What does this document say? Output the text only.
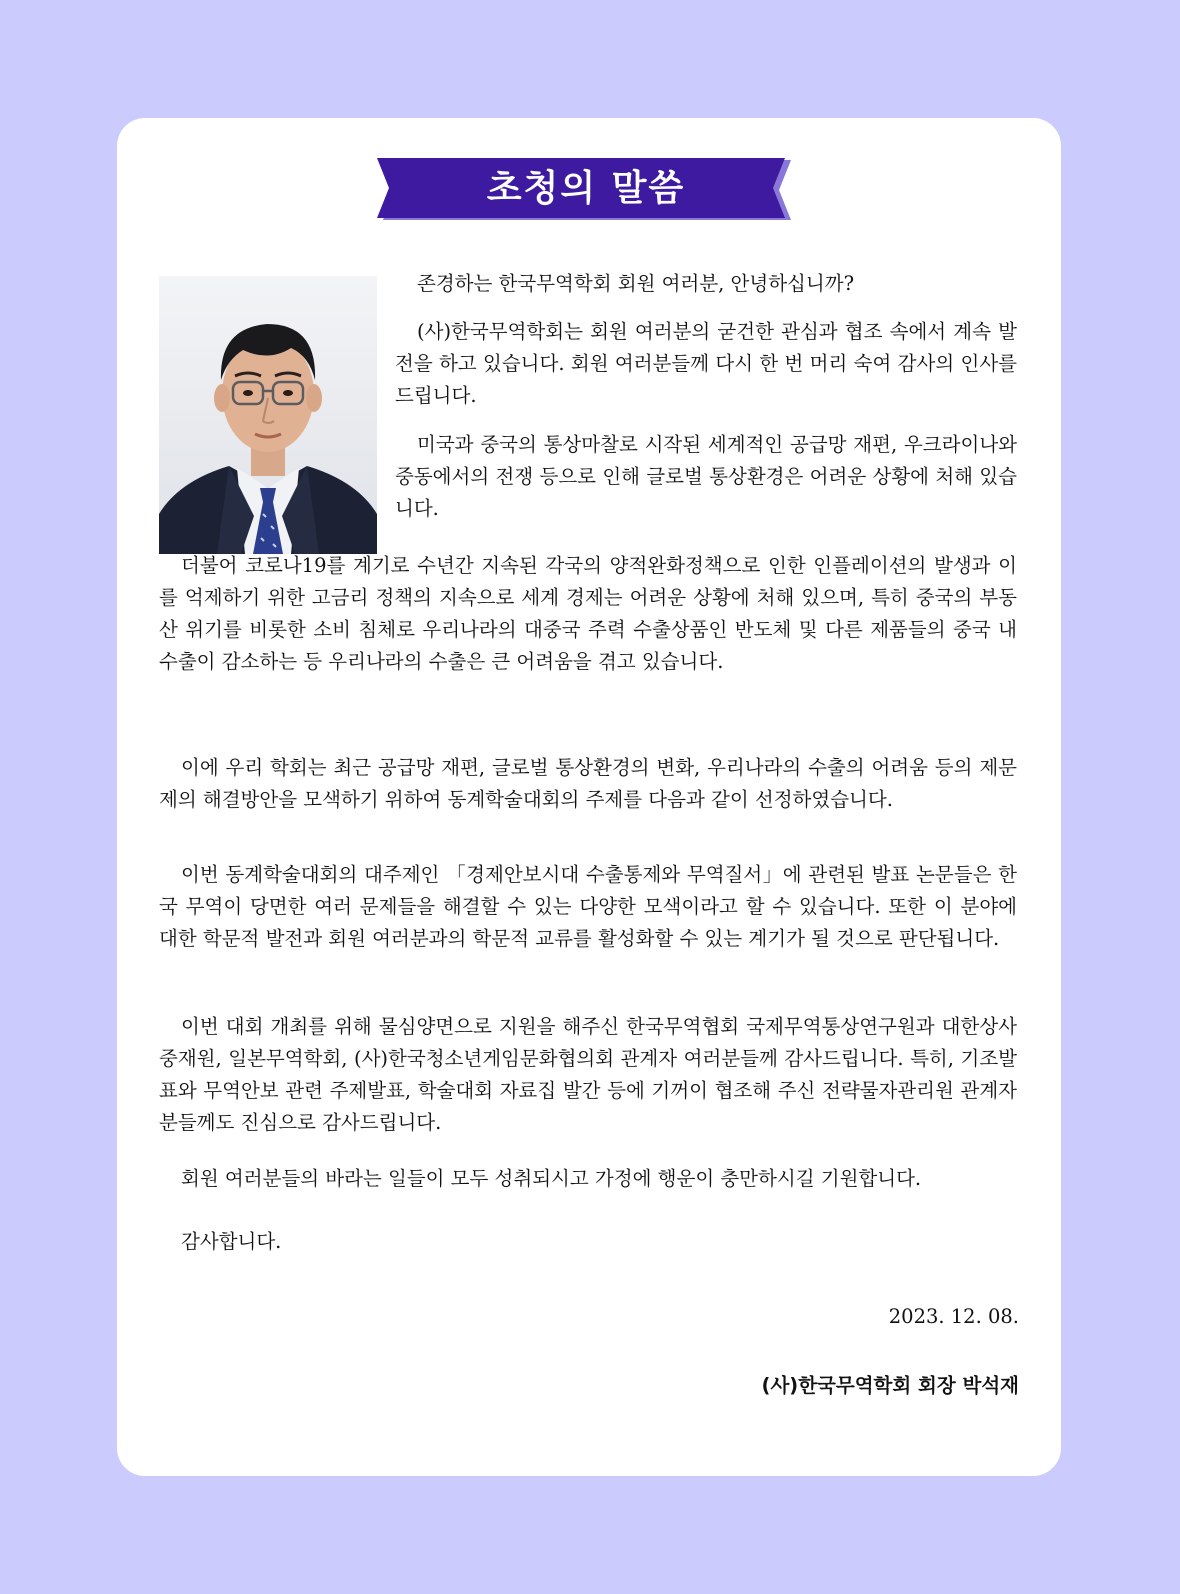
초청의 말씀

존경하는 한국무역학회 회원 여러분, 안녕하십니까?

(사)한국무역학회는 회원 여러분의 굳건한 관심과 협조 속에서 계속 발전을 하고 있습니다. 회원 여러분들께 다시 한 번 머리 숙여 감사의 인사를 드립니다.

미국과 중국의 통상마찰로 시작된 세계적인 공급망 재편, 우크라이나와 중동에서의 전쟁 등으로 인해 글로벌 통상환경은 어려운 상황에 처해 있습니다.

더불어 코로나19를 계기로 수년간 지속된 각국의 양적완화정책으로 인한 인플레이션의 발생과 이를 억제하기 위한 고금리 정책의 지속으로 세계 경제는 어려운 상황에 처해 있으며, 특히 중국의 부동산 위기를 비롯한 소비 침체로 우리나라의 대중국 주력 수출상품인 반도체 및 다른 제품들의 중국 내 수출이 감소하는 등 우리나라의 수출은 큰 어려움을 겪고 있습니다.

이에 우리 학회는 최근 공급망 재편, 글로벌 통상환경의 변화, 우리나라의 수출의 어려움 등의 제문제의 해결방안을 모색하기 위하여 동계학술대회의 주제를 다음과 같이 선정하였습니다.

이번 동계학술대회의 대주제인 「경제안보시대 수출통제와 무역질서」에 관련된 발표 논문들은 한국 무역이 당면한 여러 문제들을 해결할 수 있는 다양한 모색이라고 할 수 있습니다. 또한 이 분야에 대한 학문적 발전과 회원 여러분과의 학문적 교류를 활성화할 수 있는 계기가 될 것으로 판단됩니다.

이번 대회 개최를 위해 물심양면으로 지원을 해주신 한국무역협회 국제무역통상연구원과 대한상사중재원, 일본무역학회, (사)한국청소년게임문화협의회 관계자 여러분들께 감사드립니다. 특히, 기조발표와 무역안보 관련 주제발표, 학술대회 자료집 발간 등에 기꺼이 협조해 주신 전략물자관리원 관계자분들께도 진심으로 감사드립니다.

회원 여러분들의 바라는 일들이 모두 성취되시고 가정에 행운이 충만하시길 기원합니다.

감사합니다.

2023. 12. 08.
(사)한국무역학회 회장 박석재
